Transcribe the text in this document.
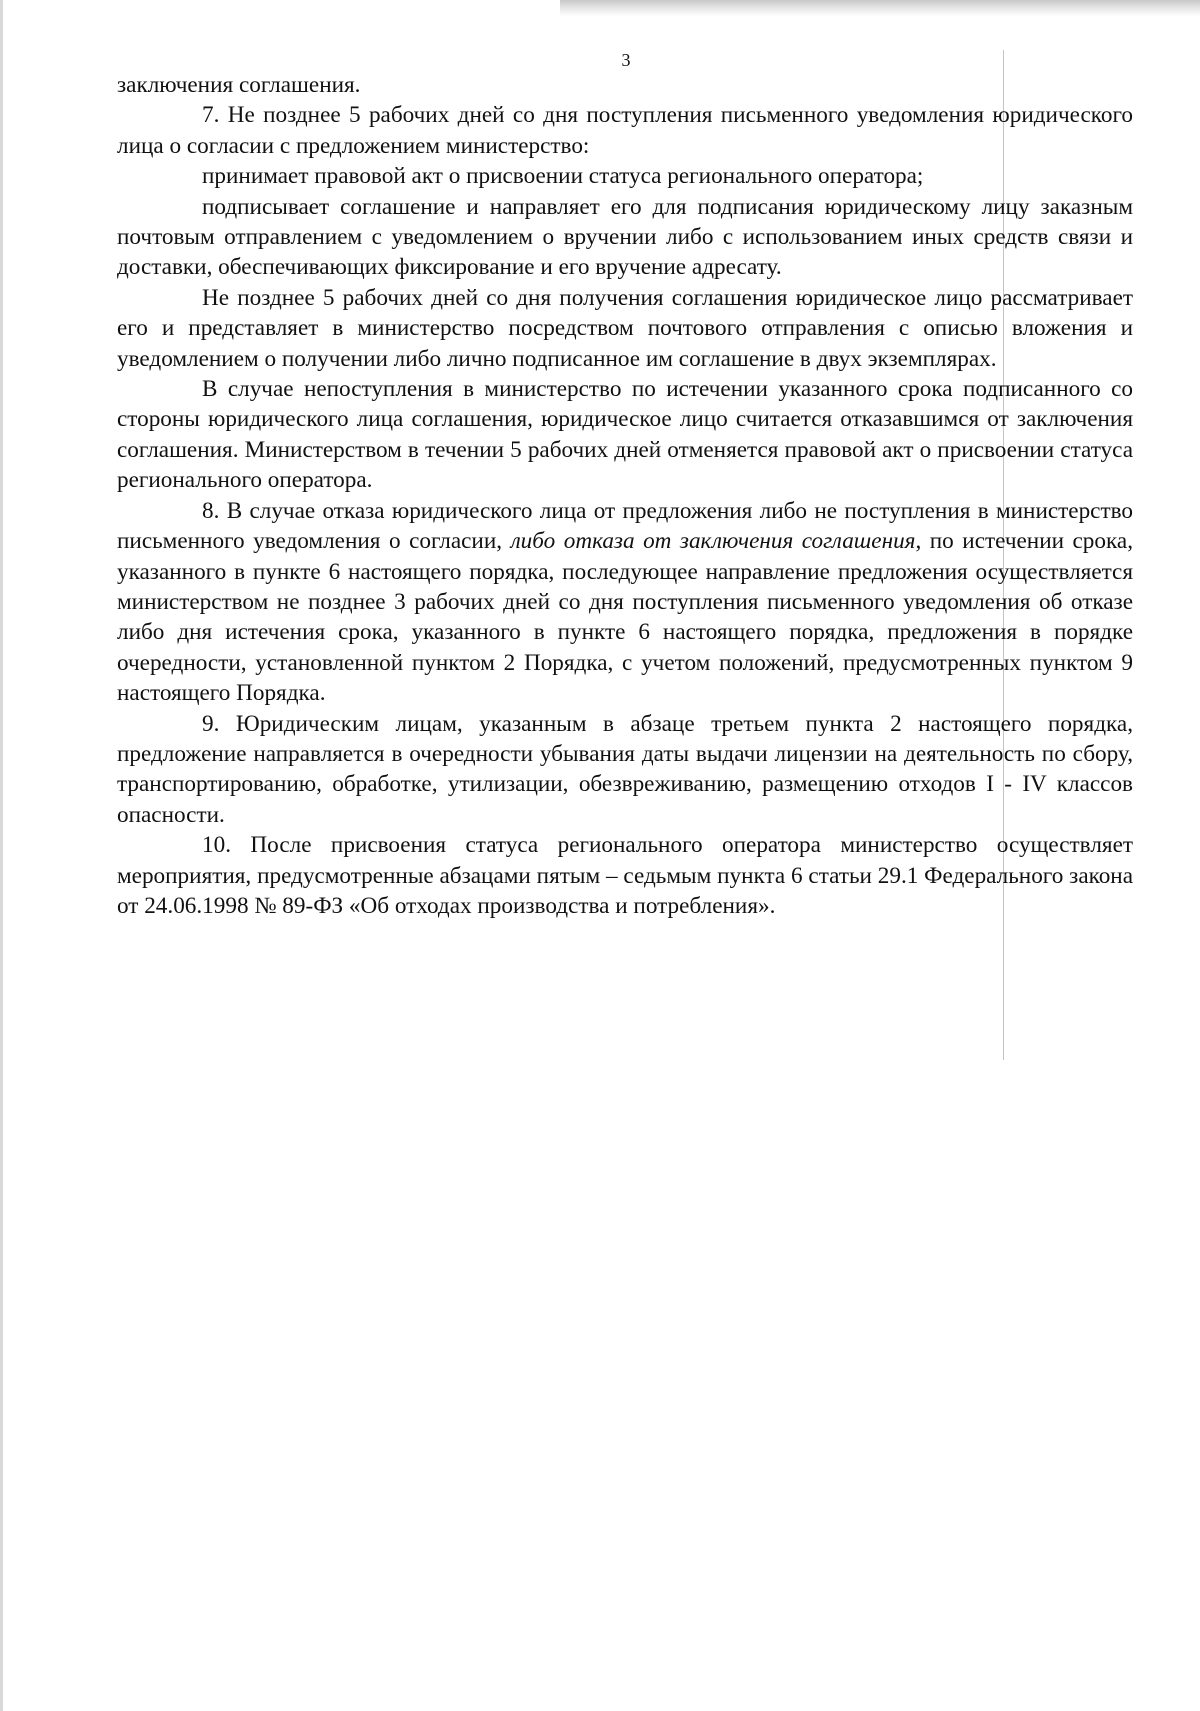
3

заключения соглашения.

7. Не позднее 5 рабочих дней со дня поступления письменного уведомления юридического лица о согласии с предложением министерство:

принимает правовой акт о присвоении статуса регионального оператора;

подписывает соглашение и направляет его для подписания юридическому лицу заказным почтовым отправлением с уведомлением о вручении либо с использованием иных средств связи и доставки, обеспечивающих фиксирование и его вручение адресату.

Не позднее 5 рабочих дней со дня получения соглашения юридическое лицо рассматривает его и представляет в министерство посредством почтового отправления с описью вложения и уведомлением о получении либо лично подписанное им соглашение в двух экземплярах.

В случае непоступления в министерство по истечении указанного срока подписанного со стороны юридического лица соглашения, юридическое лицо считается отказавшимся от заключения соглашения. Министерством в течении 5 рабочих дней отменяется правовой акт о присвоении статуса регионального оператора.

8. В случае отказа юридического лица от предложения либо не поступления в министерство письменного уведомления о согласии, либо отказа от заключения соглашения, по истечении срока, указанного в пункте 6 настоящего порядка, последующее направление предложения осуществляется министерством не позднее 3 рабочих дней со дня поступления письменного уведомления об отказе либо дня истечения срока, указанного в пункте 6 настоящего порядка, предложения в порядке очередности, установленной пунктом 2 Порядка, с учетом положений, предусмотренных пунктом 9 настоящего Порядка.

9. Юридическим лицам, указанным в абзаце третьем пункта 2 настоящего порядка, предложение направляется в очередности убывания даты выдачи лицензии на деятельность по сбору, транспортированию, обработке, утилизации, обезвреживанию, размещению отходов I - IV классов опасности.

10. После присвоения статуса регионального оператора министерство осуществляет мероприятия, предусмотренные абзацами пятым – седьмым пункта 6 статьи 29.1 Федерального закона от 24.06.1998 № 89-ФЗ «Об отходах производства и потребления».
